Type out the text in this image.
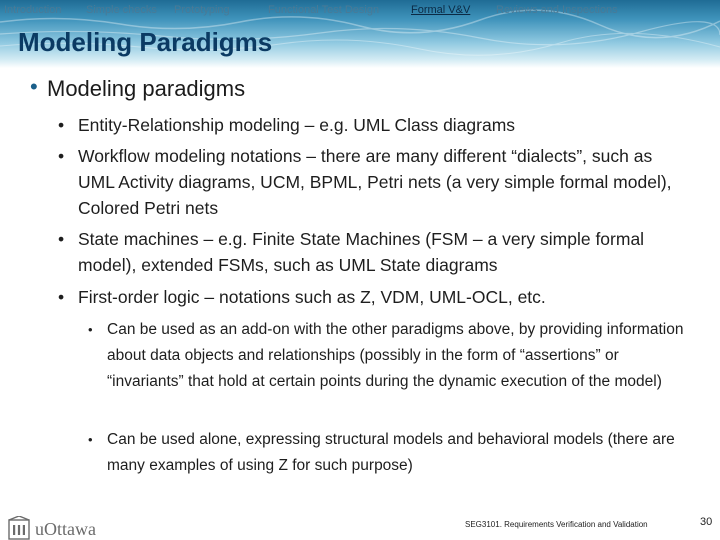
Introduction Simple checks Prototyping	Functional Test Design	Formal V&V Reviews and Inspections
Modeling Paradigms
• Modeling paradigms
• Entity-Relationship modeling – e.g. UML Class diagrams
• Workflow modeling notations – there are many different “dialects”, such as UML Activity diagrams, UCM, BPML, Petri nets (a very simple formal model), Colored Petri nets
• State machines – e.g. Finite State Machines (FSM – a very simple formal model), extended FSMs, such as UML State diagrams
• First-order logic – notations such as Z, VDM, UML-OCL, etc.
• Can be used as an add-on with the other paradigms above, by providing information about data objects and relationships (possibly in the form of “assertions” or “invariants” that hold at certain points during the dynamic execution of the model)
• Can be used alone, expressing structural models and behavioral models (there are many examples of using Z for such purpose)
uOttawa	SEG3101. Requirements Verification and Validation	30
